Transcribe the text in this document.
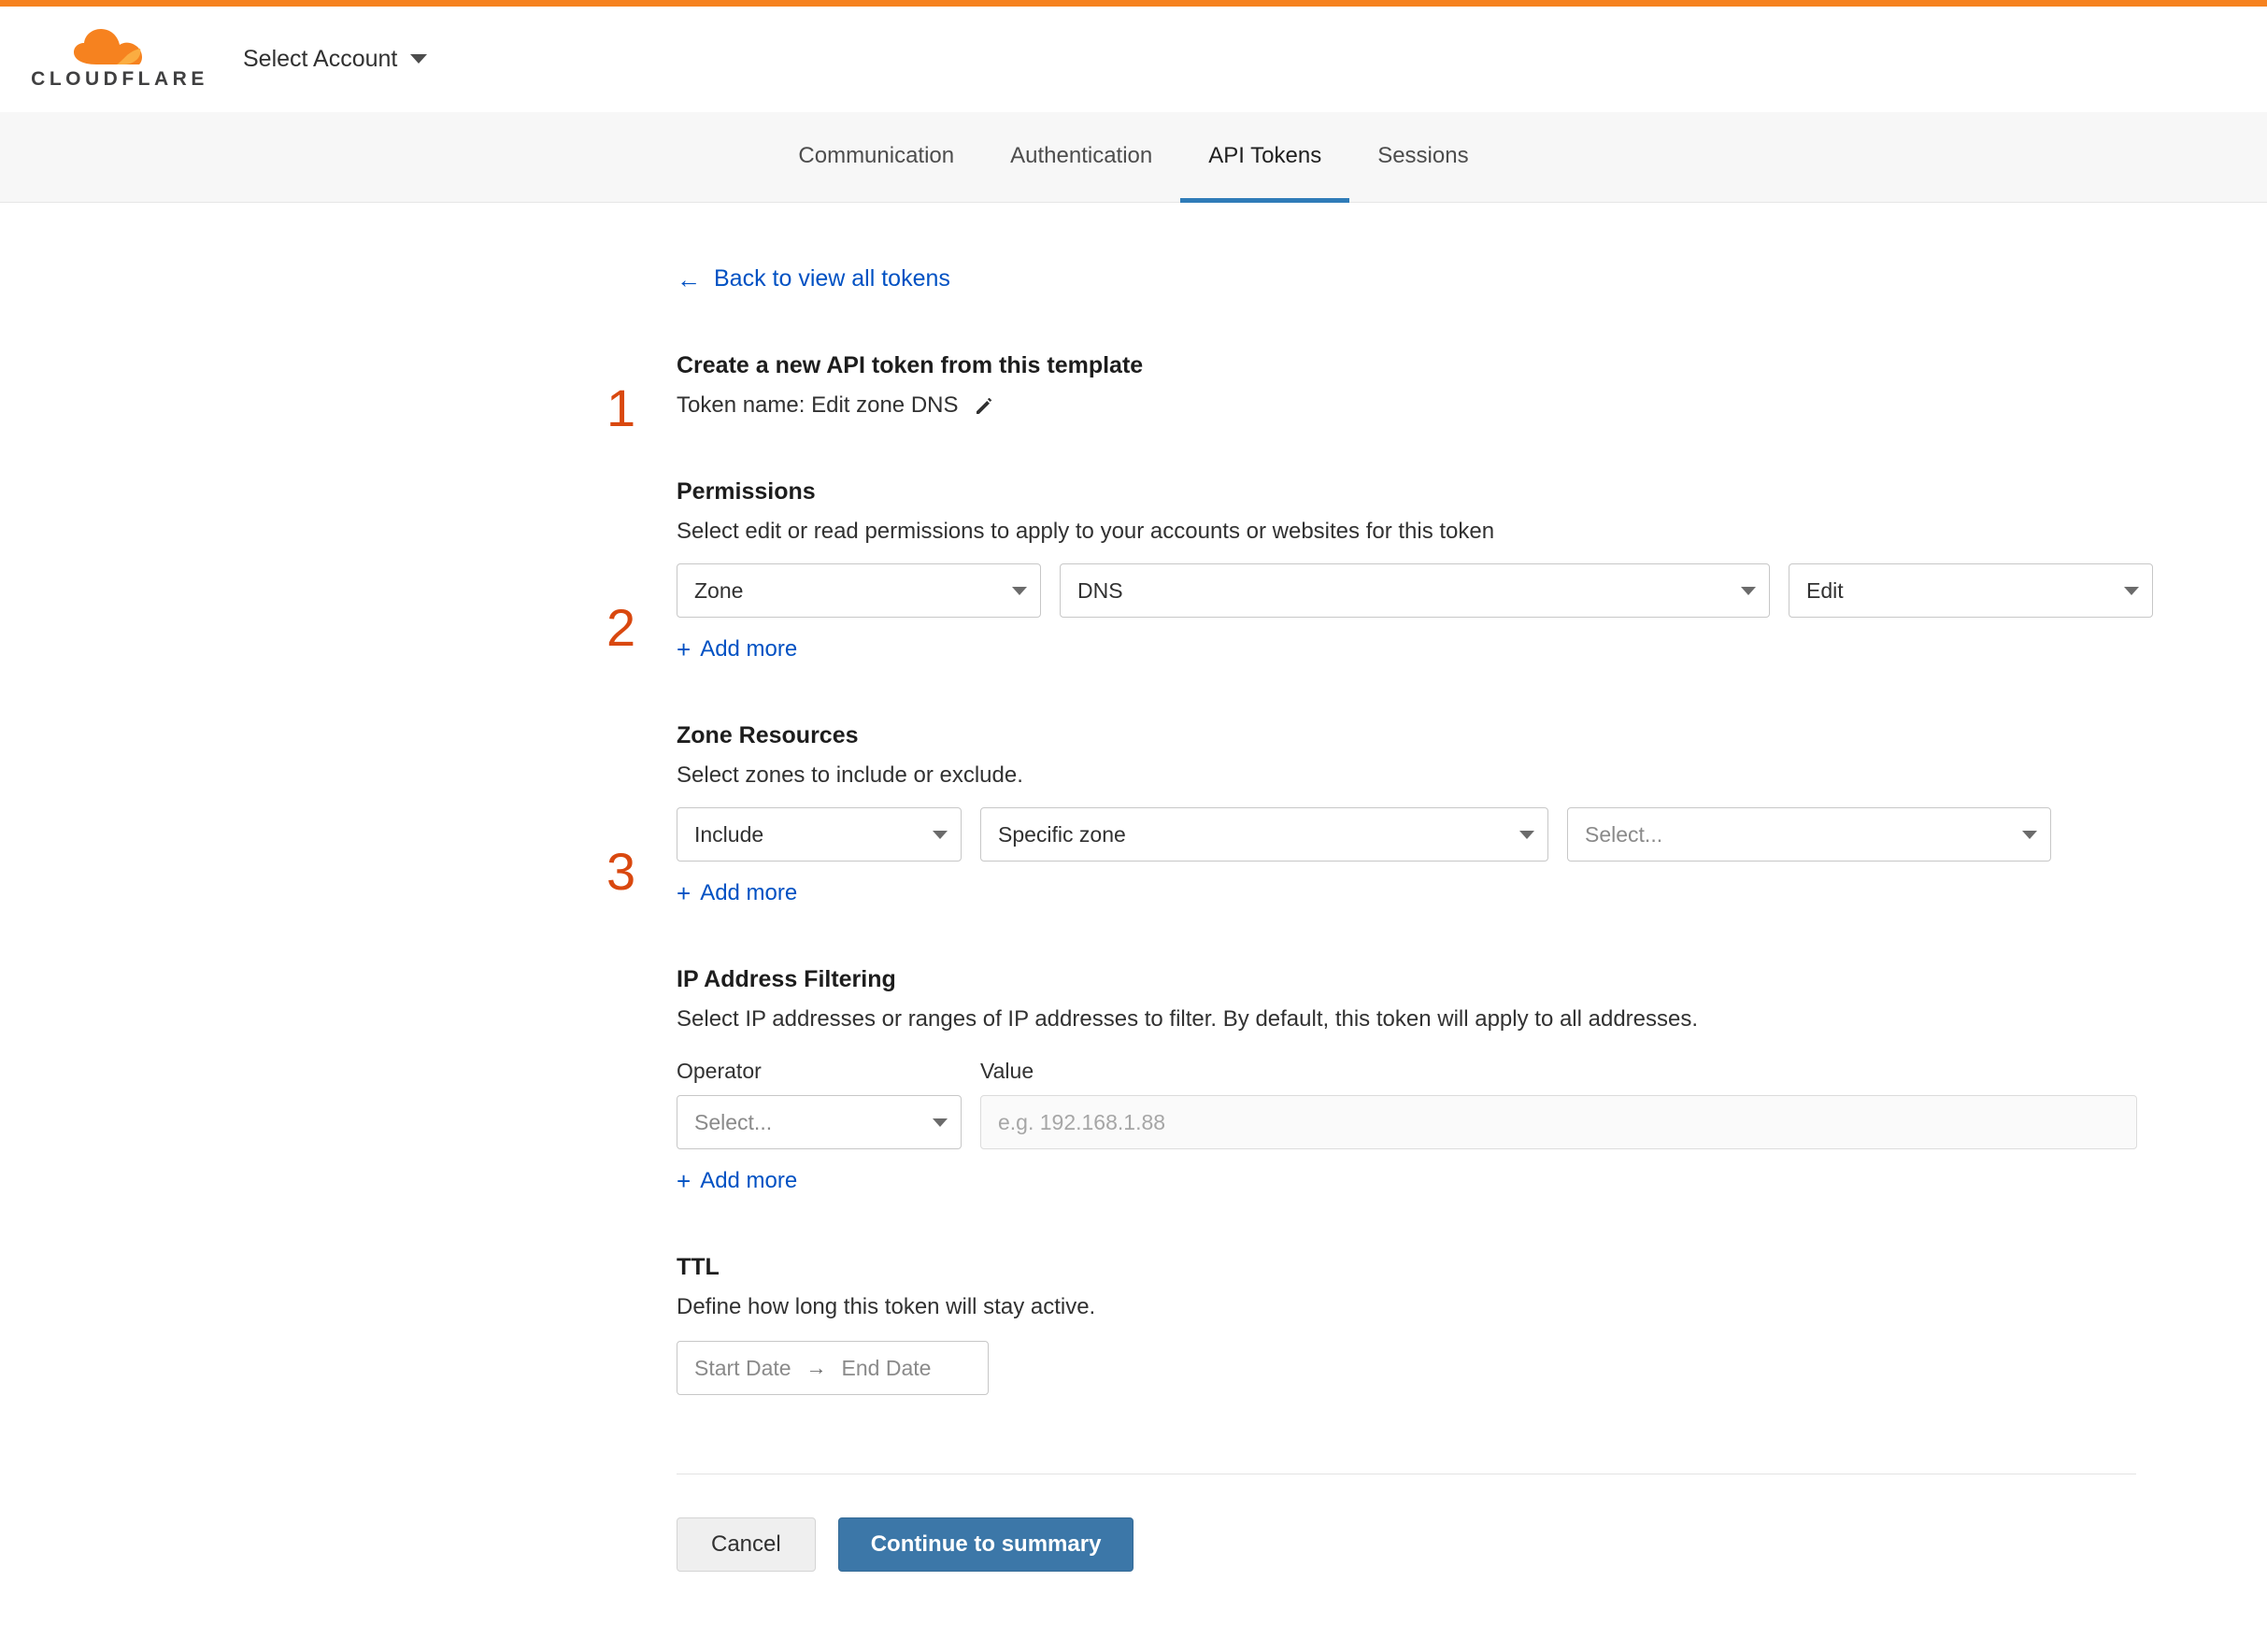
CLOUDFLARE
Select Account
Communication	Authentication	API Tokens	Sessions
← Back to view all tokens
1
Create a new API token from this template
Token name: Edit zone DNS
2
Permissions
Select edit or read permissions to apply to your accounts or websites for this token
Zone	DNS	Edit
+ Add more
3
Zone Resources
Select zones to include or exclude.
Include	Specific zone	Select...
+ Add more
IP Address Filtering
Select IP addresses or ranges of IP addresses to filter. By default, this token will apply to all addresses.
Operator	Value
Select...	e.g. 192.168.1.88
+ Add more
TTL
Define how long this token will stay active.
Start Date → End Date
Cancel	Continue to summary
